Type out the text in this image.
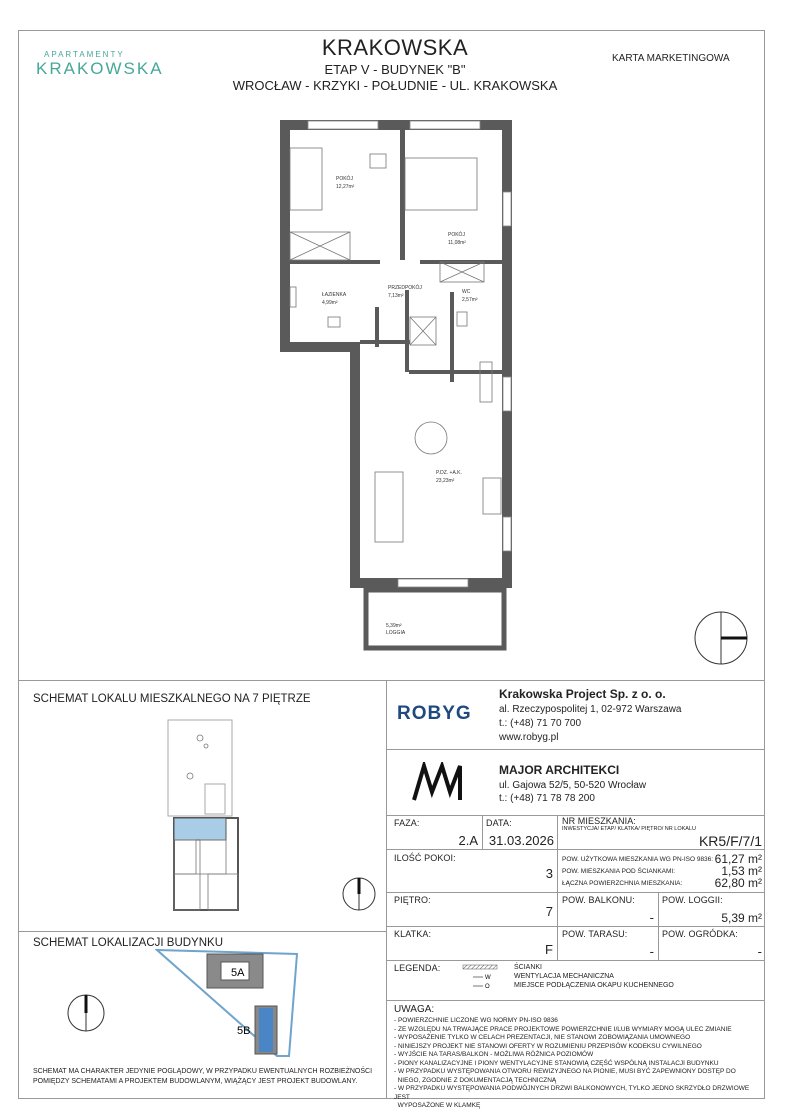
APARTAMENTY
KRAKOWSKA
KRAKOWSKA
ETAP V - BUDYNEK "B"
WROCŁAW - KRZYKI - POŁUDNIE - UL. KRAKOWSKA
KARTA MARKETINGOWA
POKÓJ
12,27m²
POKÓJ
11,08m²
ŁAZIENKA
4,99m²
PRZEDPOKÓJ
7,13m²
WC
2,57m²
P.DZ. +A.K.
23,23m²
5,39m²
LOGGIA
SCHEMAT LOKALU MIESZKALNEGO NA 7 PIĘTRZE
SCHEMAT LOKALIZACJI BUDYNKU
5A
5B
SCHEMAT MA CHARAKTER JEDYNIE POGLĄDOWY, W PRZYPADKU EWENTUALNYCH ROZBIEŻNOŚCI POMIĘDZY SCHEMATAMI A PROJEKTEM BUDOWLANYM, WIĄŻĄCY JEST PROJEKT BUDOWLANY.
ROBYG
Krakowska Project Sp. z o. o.
al. Rzeczypospolitej 1, 02-972 Warszawa
t.: (+48) 71 70 700
www.robyg.pl
MAJOR ARCHITEKCI
ul. Gajowa 52/5, 50-520 Wrocław
t.: (+48) 71 78 78 200
FAZA:
2.A
DATA:
31.03.2026
NR MIESZKANIA:
INWESTYCJA/ ETAP/ KLATKA/ PIĘTRO/ NR LOKALU
KR5/F/7/1
ILOŚĆ POKOI:
3
POW. UŻYTKOWA MIESZKANIA WG PN-ISO 9836: 61,27 m²
POW. MIESZKANIA POD ŚCIANKAMI:	1,53 m²
ŁĄCZNA POWIERZCHNIA MIESZKANIA:	62,80 m²
PIĘTRO:
7
POW. BALKONU:
-
POW. LOGGII:
5,39 m²
KLATKA:
F
POW. TARASU:
-
POW. OGRÓDKA:
-
LEGENDA:
W
O
ŚCIANKI
WENTYLACJA MECHANICZNA
MIEJSCE PODŁĄCZENIA OKAPU KUCHENNEGO
UWAGA:
- POWIERZCHNIE LICZONE WG NORMY PN-ISO 9836
- ZE WZGLĘDU NA TRWAJĄCE PRACE PROJEKTOWE POWIERZCHNIE I/LUB WYMIARY MOGĄ ULEC ZMIANIE
- WYPOSAŻENIE TYLKO W CELACH PREZENTACJI, NIE STANOWI ZOBOWIĄZANIA UMOWNEGO
- NINIEJSZY PROJEKT NIE STANOWI OFERTY W ROZUMIENIU PRZEPISÓW KODEKSU CYWILNEGO
- WYJŚCIE NA TARAS/BALKON - MOŻLIWA RÓŻNICA POZIOMÓW
- PIONY KANALIZACYJNE I PIONY WENTYLACYJNE STANOWIĄ CZĘŚĆ WSPÓLNĄ INSTALACJI BUDYNKU
- W PRZYPADKU WYSTĘPOWANIA OTWORU REWIZYJNEGO NA PIONIE, MUSI BYĆ ZAPEWNIONY DOSTĘP DO
NIEGO, ZGODNIE Z DOKUMENTACJĄ TECHNICZNĄ
- W PRZYPADKU WYSTĘPOWANIA PODWÓJNYCH DRZWI BALKONOWYCH, TYLKO JEDNO SKRZYDŁO DRZWIOWE JEST
WYPOSAŻONE W KLAMKĘ
